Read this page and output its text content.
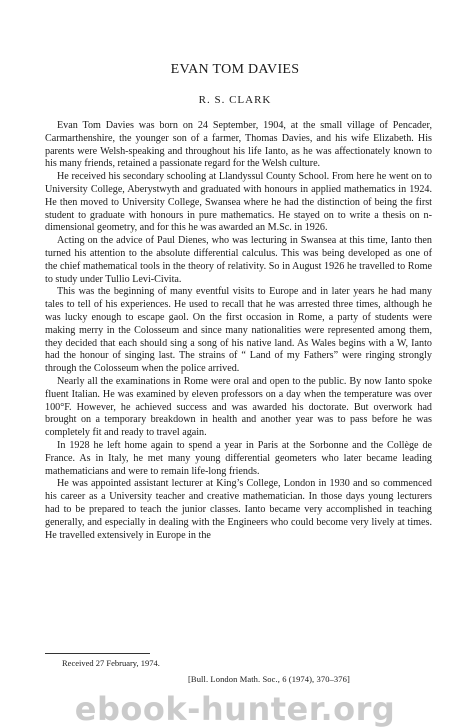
EVAN TOM DAVIES
R. S. CLARK

Evan Tom Davies was born on 24 September, 1904, at the small village of Pencader, Carmarthenshire, the younger son of a farmer, Thomas Davies, and his wife Elizabeth. His parents were Welsh-speaking and throughout his life Ianto, as he was affectionately known to his many friends, retained a passionate regard for the Welsh culture.

He received his secondary schooling at Llandyssul County School. From here he went on to University College, Aberystwyth and graduated with honours in applied mathematics in 1924. He then moved to University College, Swansea where he had the distinction of being the first student to graduate with honours in pure mathematics. He stayed on to write a thesis on n-dimensional geometry, and for this he was awarded an M.Sc. in 1926.

Acting on the advice of Paul Dienes, who was lecturing in Swansea at this time, Ianto then turned his attention to the absolute differential calculus. This was being developed as one of the chief mathematical tools in the theory of relativity. So in August 1926 he travelled to Rome to study under Tullio Levi-Civita.

This was the beginning of many eventful visits to Europe and in later years he had many tales to tell of his experiences. He used to recall that he was arrested three times, although he was lucky enough to escape gaol. On the first occasion in Rome, a party of students were making merry in the Colosseum and since many nationalities were represented among them, they decided that each should sing a song of his native land. As Wales begins with a W, Ianto had the honour of singing last. The strains of “ Land of my Fathers” were ringing strongly through the Colosseum when the police arrived.

Nearly all the examinations in Rome were oral and open to the public. By now Ianto spoke fluent Italian. He was examined by eleven professors on a day when the temperature was over 100°F. However, he achieved success and was awarded his doctorate. But overwork had brought on a temporary breakdown in health and another year was to pass before he was completely fit and ready to travel again.

In 1928 he left home again to spend a year in Paris at the Sorbonne and the Collège de France. As in Italy, he met many young differential geometers who later became leading mathematicians and were to remain life-long friends.

He was appointed assistant lecturer at King’s College, London in 1930 and so commenced his career as a University teacher and creative mathematician. In those days young lecturers had to be prepared to teach the junior classes. Ianto became very accomplished in teaching generally, and especially in dealing with the Engineers who could become very lively at times. He travelled extensively in Europe in the

Received 27 February, 1974.
[Bull. London Math. Soc., 6 (1974), 370–376]
ebook-hunter.org
